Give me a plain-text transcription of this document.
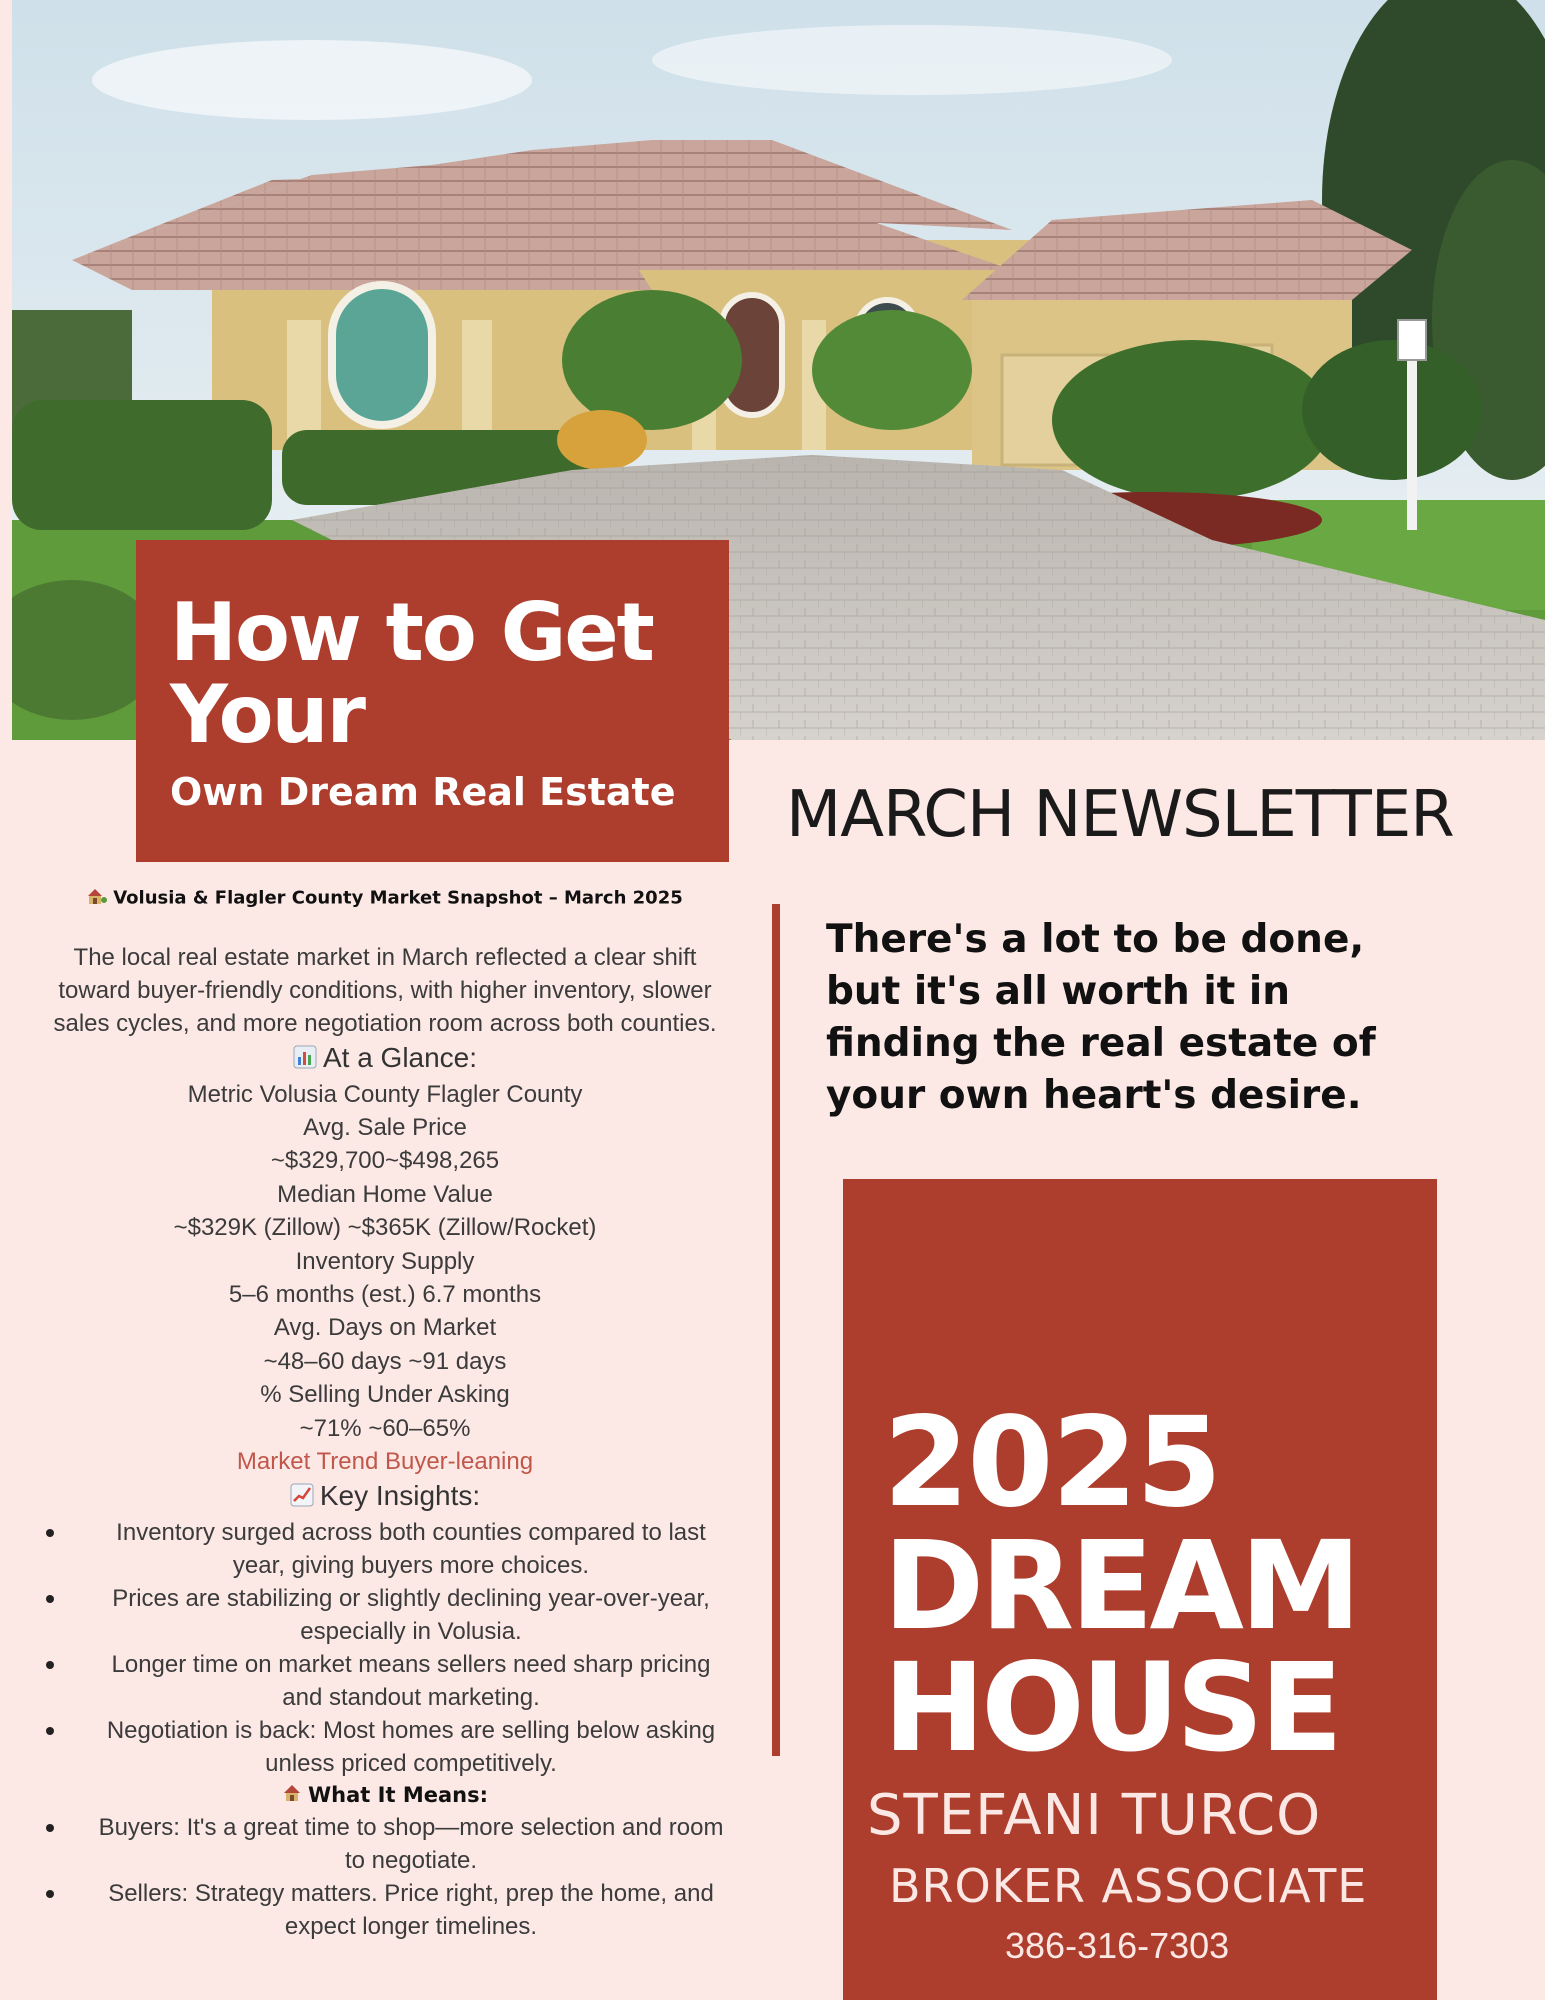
How to Get
Your
Own Dream Real Estate MARCH NEWSLETTER
Volusia & Flagler County Market Snapshot – March 2025
The local real estate market in March reflected a clear shift toward buyer-friendly conditions, with higher inventory, slower sales cycles, and more negotiation room across both counties.
At a Glance:
Metric Volusia County Flagler County
Avg. Sale Price
~$329,700~$498,265
Median Home Value
~$329K (Zillow) ~$365K (Zillow/Rocket)
Inventory Supply
5–6 months (est.) 6.7 months
Avg. Days on Market
~48–60 days ~91 days
% Selling Under Asking
~71% ~60–65%
Market Trend Buyer-leaning
Key Insights:
Inventory surged across both counties compared to last year, giving buyers more choices.
Prices are stabilizing or slightly declining year-over-year, especially in Volusia.
Longer time on market means sellers need sharp pricing and standout marketing.
Negotiation is back: Most homes are selling below asking unless priced competitively.
What It Means:
Buyers: It's a great time to shop—more selection and room to negotiate.
Sellers: Strategy matters. Price right, prep the home, and expect longer timelines.
There's a lot to be done, but it's all worth it in finding the real estate of your own heart's desire.
2025
DREAM
HOUSE
STEFANI TURCO
BROKER ASSOCIATE
386-316-7303
